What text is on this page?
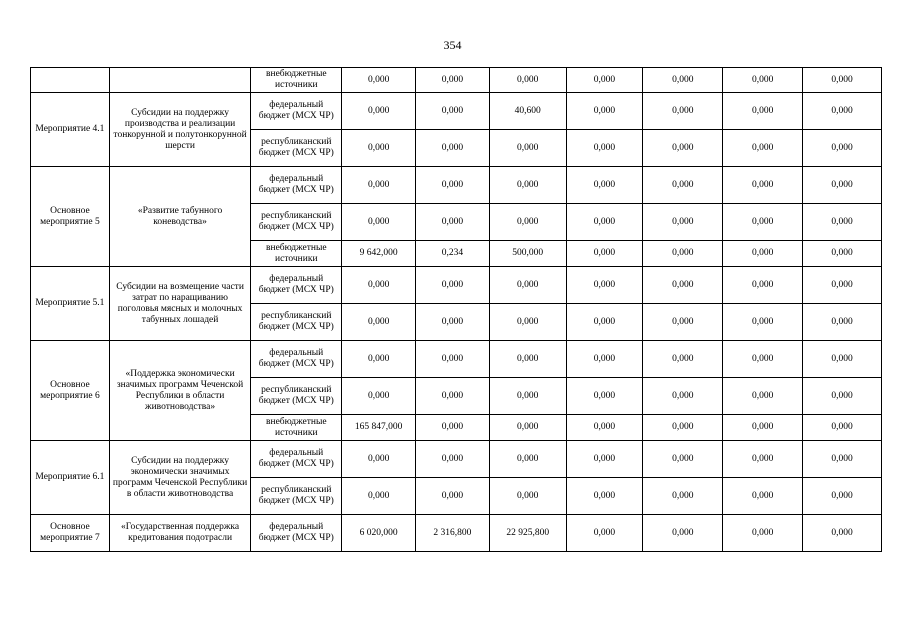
354
		внебюджетные источники	0,000	0,000	0,000	0,000	0,000	0,000	0,000
Мероприятие 4.1	Субсидии на поддержку производства и реализации тонкорунной и полутонкорунной шерсти	федеральный бюджет (МСХ ЧР)	0,000	0,000	40,600	0,000	0,000	0,000	0,000
		республиканский бюджет (МСХ ЧР)	0,000	0,000	0,000	0,000	0,000	0,000	0,000
Основное мероприятие 5	«Развитие табунного коневодства»	федеральный бюджет (МСХ ЧР)	0,000	0,000	0,000	0,000	0,000	0,000	0,000
		республиканский бюджет (МСХ ЧР)	0,000	0,000	0,000	0,000	0,000	0,000	0,000
		внебюджетные источники	9 642,000	0,234	500,000	0,000	0,000	0,000	0,000
Мероприятие 5.1	Субсидии на возмещение части затрат по наращиванию поголовья мясных и молочных табунных лошадей	федеральный бюджет (МСХ ЧР)	0,000	0,000	0,000	0,000	0,000	0,000	0,000
		республиканский бюджет (МСХ ЧР)	0,000	0,000	0,000	0,000	0,000	0,000	0,000
Основное мероприятие 6	«Поддержка экономически значимых программ Чеченской Республики в области животноводства»	федеральный бюджет (МСХ ЧР)	0,000	0,000	0,000	0,000	0,000	0,000	0,000
		республиканский бюджет (МСХ ЧР)	0,000	0,000	0,000	0,000	0,000	0,000	0,000
		внебюджетные источники	165 847,000	0,000	0,000	0,000	0,000	0,000	0,000
Мероприятие 6.1	Субсидии на поддержку экономически значимых программ Чеченской Республики в области животноводства	федеральный бюджет (МСХ ЧР)	0,000	0,000	0,000	0,000	0,000	0,000	0,000
		республиканский бюджет (МСХ ЧР)	0,000	0,000	0,000	0,000	0,000	0,000	0,000
Основное мероприятие 7	«Государственная поддержка кредитования подотрасли	федеральный бюджет (МСХ ЧР)	6 020,000	2 316,800	22 925,800	0,000	0,000	0,000	0,000
